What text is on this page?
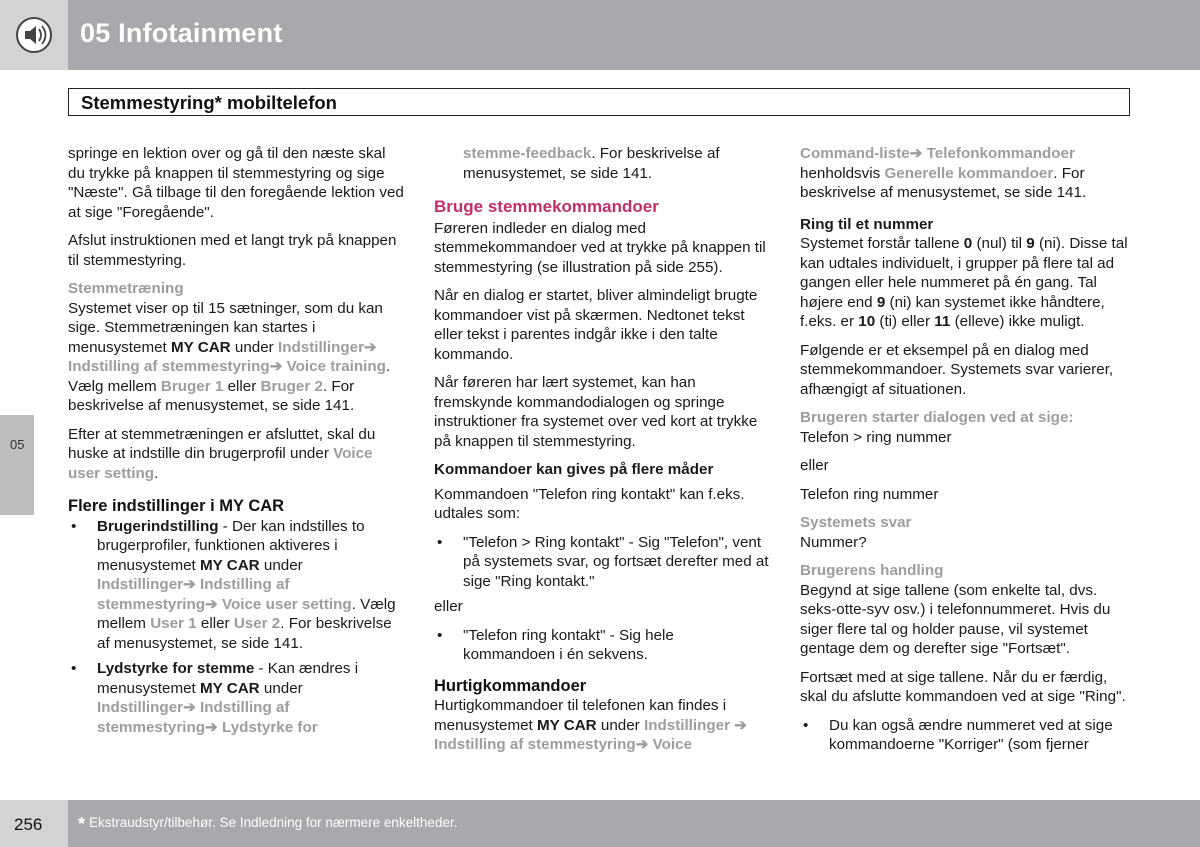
05 Infotainment
Stemmestyring* mobiltelefon
05

springe en lektion over og gå til den næste skal du trykke på knappen til stemmestyring og sige "Næste". Gå tilbage til den foregående lektion ved at sige "Foregående".

Afslut instruktionen med et langt tryk på knappen til stemmestyring.

Stemmetræning

Systemet viser op til 15 sætninger, som du kan sige. Stemmetræningen kan startes i menusystemet MY CAR under Indstillinger➔ Indstilling af stemmestyring➔ Voice training. Vælg mellem Bruger 1 eller Bruger 2. For beskrivelse af menusystemet, se side 141.

Efter at stemmetræningen er afsluttet, skal du huske at indstille din brugerprofil under Voice user setting.

Flere indstillinger i MY CAR

• Brugerindstilling - Der kan indstilles to brugerprofiler, funktionen aktiveres i menusystemet MY CAR under Indstillinger➔ Indstilling af stemmestyring➔ Voice user setting. Vælg mellem User 1 eller User 2. For beskrivelse af menusystemet, se side 141.
• Lydstyrke for stemme - Kan ændres i menusystemet MY CAR under Indstillinger➔ Indstilling af stemmestyring➔ Lydstyrke for

stemme-feedback. For beskrivelse af menusystemet, se side 141.

Bruge stemmekommandoer

Føreren indleder en dialog med stemmekommandoer ved at trykke på knappen til stemmestyring (se illustration på side 255).

Når en dialog er startet, bliver almindeligt brugte kommandoer vist på skærmen. Nedtonet tekst eller tekst i parentes indgår ikke i den talte kommando.

Når føreren har lært systemet, kan han fremskynde kommandodialogen og springe instruktioner fra systemet over ved kort at trykke på knappen til stemmestyring.

Kommandoer kan gives på flere måder

Kommandoen "Telefon ring kontakt" kan f.eks. udtales som:

• "Telefon > Ring kontakt" - Sig "Telefon", vent på systemets svar, og fortsæt derefter med at sige "Ring kontakt."

eller

• "Telefon ring kontakt" - Sig hele kommandoen i én sekvens.

Hurtigkommandoer

Hurtigkommandoer til telefonen kan findes i menusystemet MY CAR under Indstillinger ➔ Indstilling af stemmestyring➔ Voice

Command-liste➔ Telefonkommandoer henholdsvis Generelle kommandoer. For beskrivelse af menusystemet, se side 141.

Ring til et nummer

Systemet forstår tallene 0 (nul) til 9 (ni). Disse tal kan udtales individuelt, i grupper på flere tal ad gangen eller hele nummeret på én gang. Tal højere end 9 (ni) kan systemet ikke håndtere, f.eks. er 10 (ti) eller 11 (elleve) ikke muligt.

Følgende er et eksempel på en dialog med stemmekommandoer. Systemets svar varierer, afhængigt af situationen.

Brugeren starter dialogen ved at sige:

Telefon > ring nummer

eller

Telefon ring nummer

Systemets svar

Nummer?

Brugerens handling

Begynd at sige tallene (som enkelte tal, dvs. seks-otte-syv osv.) i telefonnummeret. Hvis du siger flere tal og holder pause, vil systemet gentage dem og derefter sige "Fortsæt".

Fortsæt med at sige tallene. Når du er færdig, skal du afslutte kommandoen ved at sige "Ring".

• Du kan også ændre nummeret ved at sige kommandoerne "Korriger" (som fjerner
256 * Ekstraudstyr/tilbehør. Se Indledning for nærmere enkeltheder.
